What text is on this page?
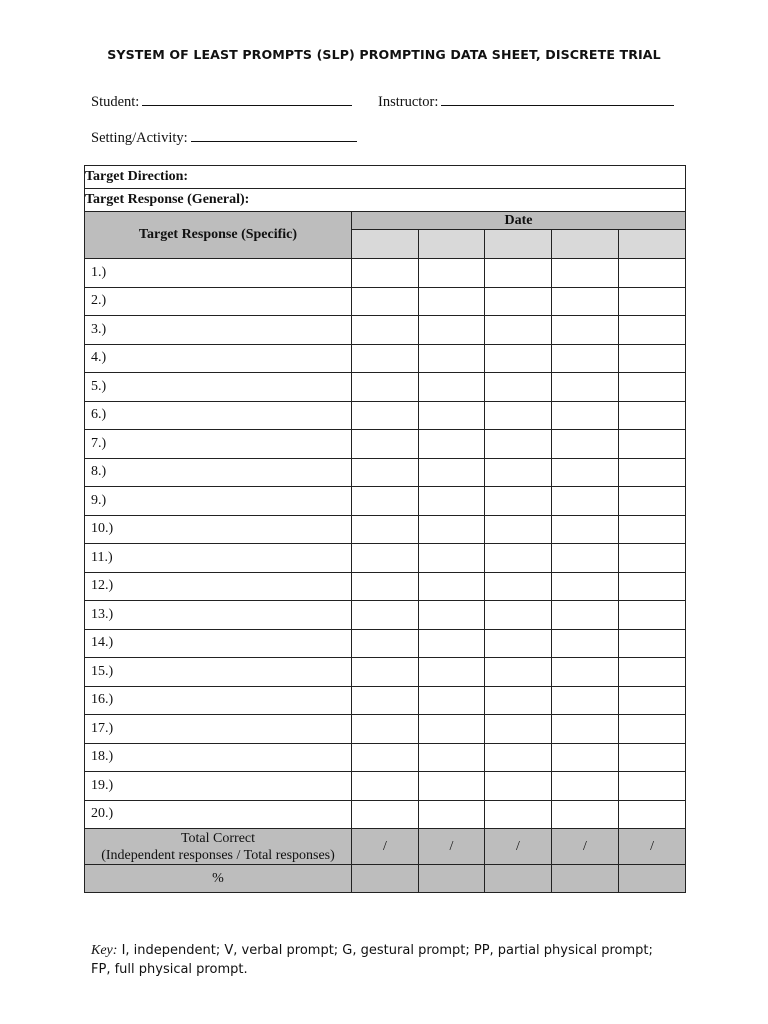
SYSTEM OF LEAST PROMPTS (SLP) PROMPTING DATA SHEET, DISCRETE TRIAL
Student:	Instructor:
Setting/Activity:
Target Direction:					
Target Response (General):					
Target Response (Specific)	Date				

1.)					
2.)					
3.)					
4.)					
5.)					
6.)					
7.)					
8.)					
9.)					
10.)					
11.)					
12.)					
13.)					
14.)					
15.)					
16.)					
17.)					
18.)					
19.)					
20.)					

Total Correct
(Independent responses / Total responses)	/	/	/	/	/
%					
Key: I, independent; V, verbal prompt; G, gestural prompt; PP, partial physical prompt;
FP, full physical prompt.
